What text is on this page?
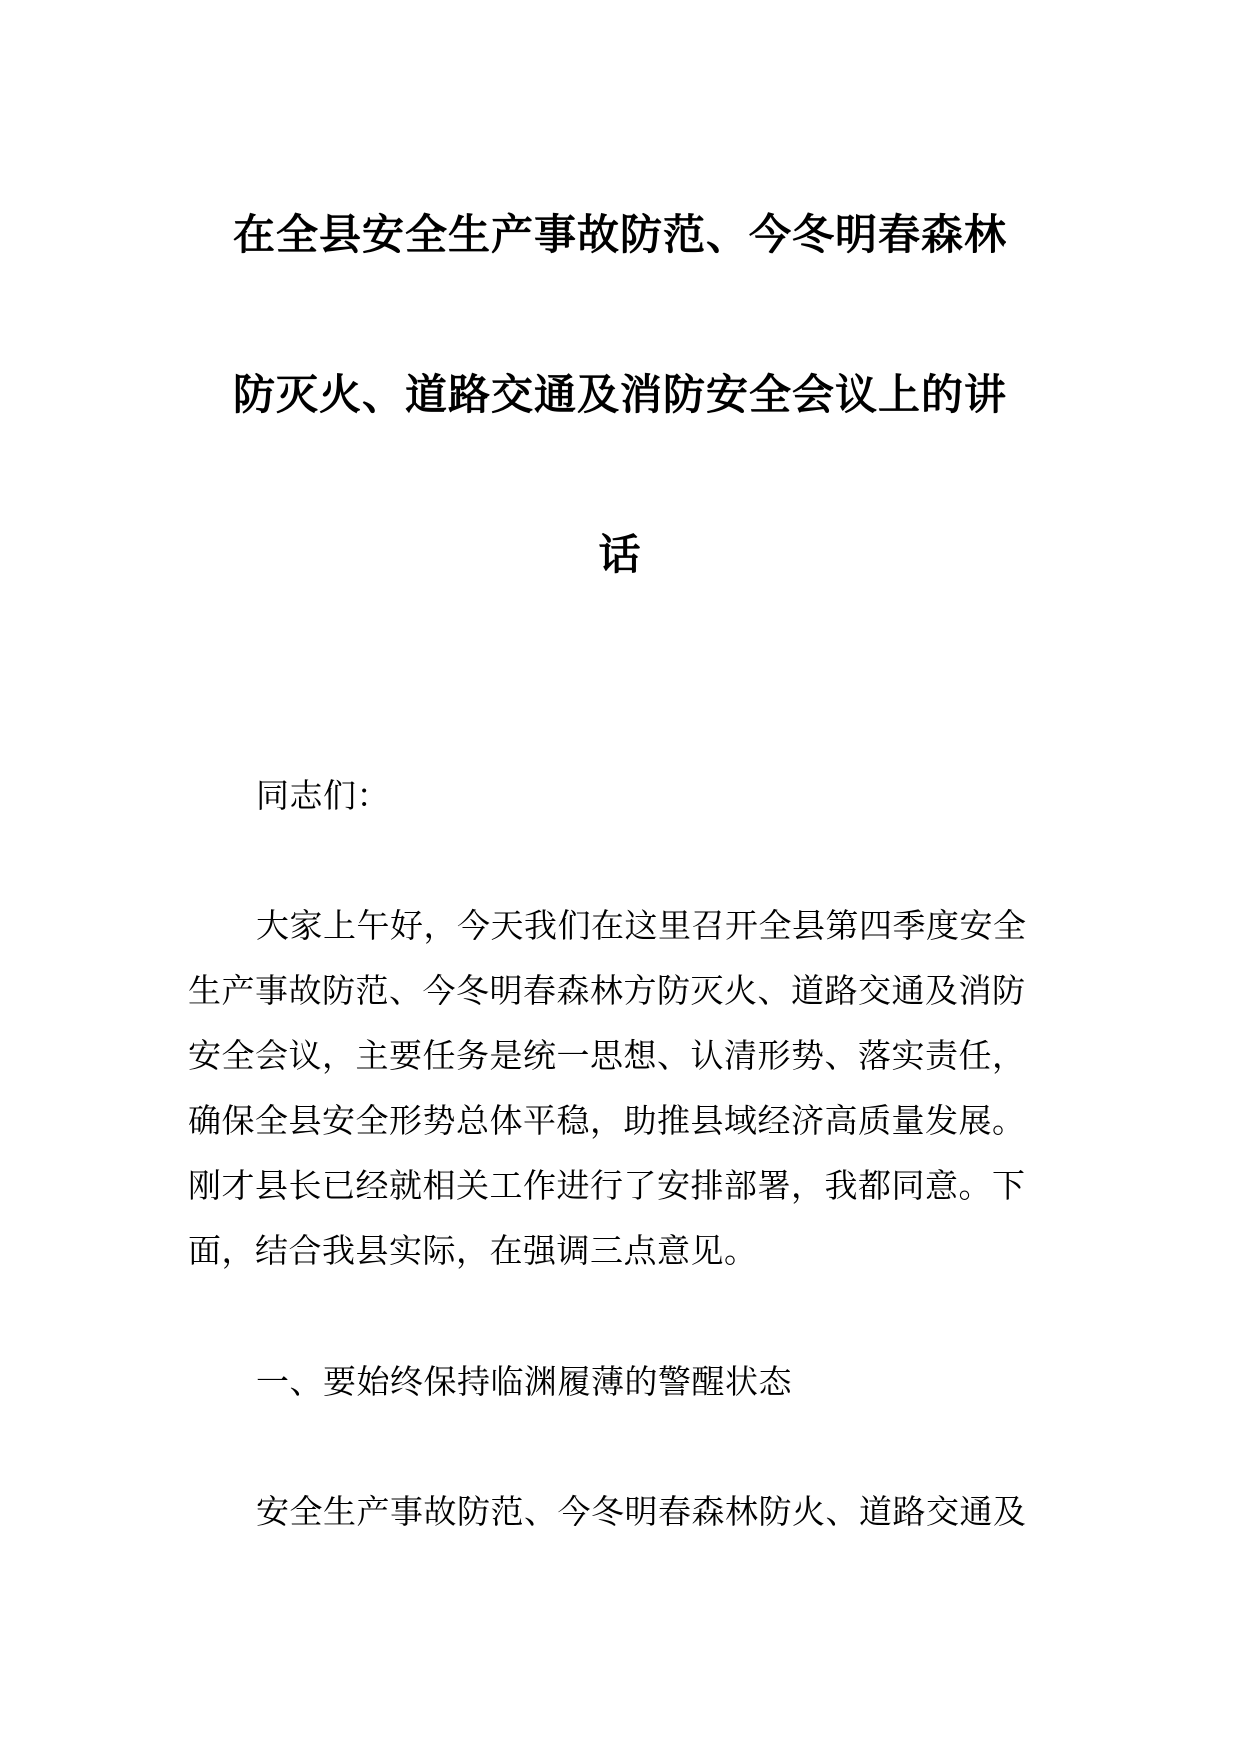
在全县安全生产事故防范、今冬明春森林
防灭火、道路交通及消防安全会议上的讲
话

同志们：

大家上午好，今天我们在这里召开全县第四季度安全生产事故防范、今冬明春森林方防灭火、道路交通及消防安全会议，主要任务是统一思想、认清形势、落实责任，确保全县安全形势总体平稳，助推县域经济高质量发展。刚才县长已经就相关工作进行了安排部署，我都同意。下面，结合我县实际，在强调三点意见。

一、要始终保持临渊履薄的警醒状态

安全生产事故防范、今冬明春森林防火、道路交通及
